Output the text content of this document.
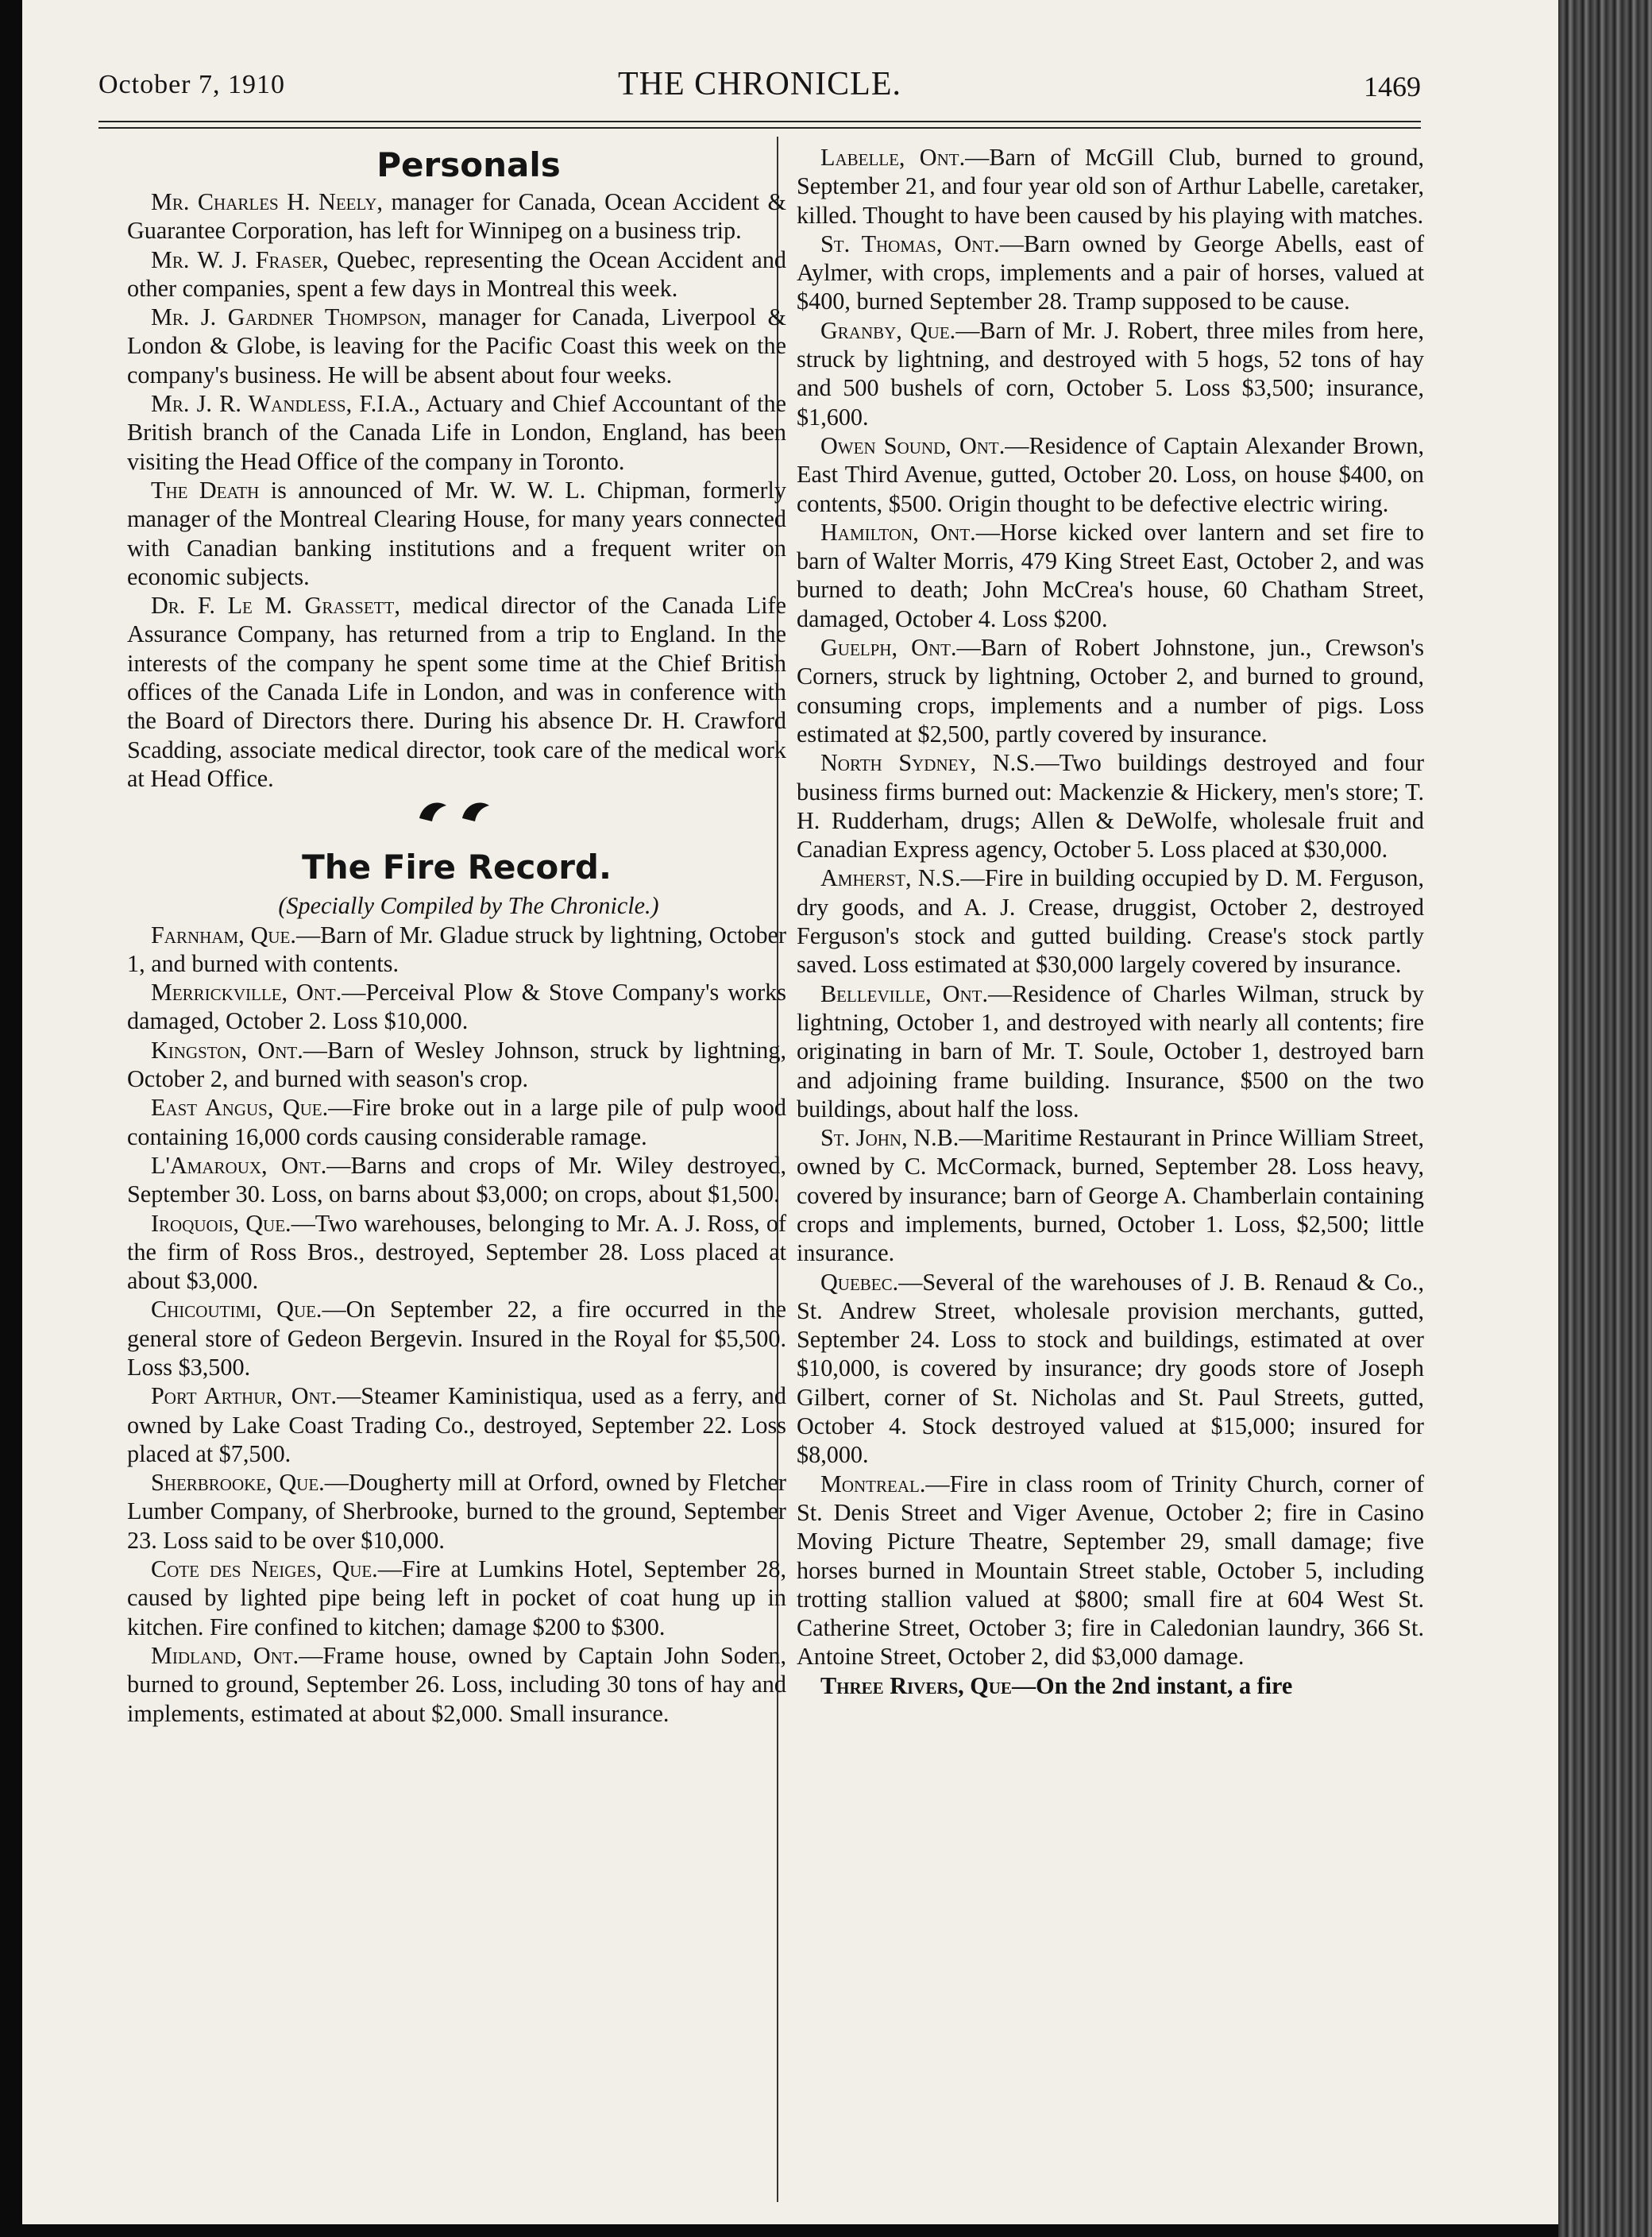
October 7, 1910	THE CHRONICLE.	1469
Personals

Mr. Charles H. Neely, manager for Canada, Ocean Accident & Guarantee Corporation, has left for Winnipeg on a business trip.

Mr. W. J. Fraser, Quebec, representing the Ocean Accident and other companies, spent a few days in Montreal this week.

Mr. J. Gardner Thompson, manager for Canada, Liverpool & London & Globe, is leaving for the Pacific Coast this week on the company's business. He will be absent about four weeks.

Mr. J. R. Wandless, F.I.A., Actuary and Chief Accountant of the British branch of the Canada Life in London, England, has been visiting the Head Office of the company in Toronto.

The Death is announced of Mr. W. W. L. Chipman, formerly manager of the Montreal Clearing House, for many years connected with Canadian banking institutions and a frequent writer on economic subjects.

Dr. F. Le M. Grassett, medical director of the Canada Life Assurance Company, has returned from a trip to England. In the interests of the company he spent some time at the Chief British offices of the Canada Life in London, and was in conference with the Board of Directors there. During his absence Dr. H. Crawford Scadding, associate medical director, took care of the medical work at Head Office.

The Fire Record.

(Specially Compiled by The Chronicle.)

Farnham, Que.—Barn of Mr. Gladue struck by lightning, October 1, and burned with contents.

Merrickville, Ont.—Perceival Plow & Stove Company's works damaged, October 2. Loss $10,000.

Kingston, Ont.—Barn of Wesley Johnson, struck by lightning, October 2, and burned with season's crop.

East Angus, Que.—Fire broke out in a large pile of pulp wood containing 16,000 cords causing considerable ramage.

L'Amaroux, Ont.—Barns and crops of Mr. Wiley destroyed, September 30. Loss, on barns about $3,000; on crops, about $1,500.

Iroquois, Que.—Two warehouses, belonging to Mr. A. J. Ross, of the firm of Ross Bros., destroyed, September 28. Loss placed at about $3,000.

Chicoutimi, Que.—On September 22, a fire occurred in the general store of Gedeon Bergevin. Insured in the Royal for $5,500. Loss $3,500.

Port Arthur, Ont.—Steamer Kaministiqua, used as a ferry, and owned by Lake Coast Trading Co., destroyed, September 22. Loss placed at $7,500.

Sherbrooke, Que.—Dougherty mill at Orford, owned by Fletcher Lumber Company, of Sherbrooke, burned to the ground, September 23. Loss said to be over $10,000.

Cote des Neiges, Que.—Fire at Lumkins Hotel, September 28, caused by lighted pipe being left in pocket of coat hung up in kitchen. Fire confined to kitchen; damage $200 to $300.

Midland, Ont.—Frame house, owned by Captain John Soden, burned to ground, September 26. Loss, including 30 tons of hay and implements, estimated at about $2,000. Small insurance.

Labelle, Ont.—Barn of McGill Club, burned to ground, September 21, and four year old son of Arthur Labelle, caretaker, killed. Thought to have been caused by his playing with matches.

St. Thomas, Ont.—Barn owned by George Abells, east of Aylmer, with crops, implements and a pair of horses, valued at $400, burned September 28. Tramp supposed to be cause.

Granby, Que.—Barn of Mr. J. Robert, three miles from here, struck by lightning, and destroyed with 5 hogs, 52 tons of hay and 500 bushels of corn, October 5. Loss $3,500; insurance, $1,600.

Owen Sound, Ont.—Residence of Captain Alexander Brown, East Third Avenue, gutted, October 20. Loss, on house $400, on contents, $500. Origin thought to be defective electric wiring.

Hamilton, Ont.—Horse kicked over lantern and set fire to barn of Walter Morris, 479 King Street East, October 2, and was burned to death; John McCrea's house, 60 Chatham Street, damaged, October 4. Loss $200.

Guelph, Ont.—Barn of Robert Johnstone, jun., Crewson's Corners, struck by lightning, October 2, and burned to ground, consuming crops, implements and a number of pigs. Loss estimated at $2,500, partly covered by insurance.

North Sydney, N.S.—Two buildings destroyed and four business firms burned out: Mackenzie & Hickery, men's store; T. H. Rudderham, drugs; Allen & DeWolfe, wholesale fruit and Canadian Express agency, October 5. Loss placed at $30,000.

Amherst, N.S.—Fire in building occupied by D. M. Ferguson, dry goods, and A. J. Crease, druggist, October 2, destroyed Ferguson's stock and gutted building. Crease's stock partly saved. Loss estimated at $30,000 largely covered by insurance.

Belleville, Ont.—Residence of Charles Wilman, struck by lightning, October 1, and destroyed with nearly all contents; fire originating in barn of Mr. T. Soule, October 1, destroyed barn and adjoining frame building. Insurance, $500 on the two buildings, about half the loss.

St. John, N.B.—Maritime Restaurant in Prince William Street, owned by C. McCormack, burned, September 28. Loss heavy, covered by insurance; barn of George A. Chamberlain containing crops and implements, burned, October 1. Loss, $2,500; little insurance.

Quebec.—Several of the warehouses of J. B. Renaud & Co., St. Andrew Street, wholesale provision merchants, gutted, September 24. Loss to stock and buildings, estimated at over $10,000, is covered by insurance; dry goods store of Joseph Gilbert, corner of St. Nicholas and St. Paul Streets, gutted, October 4. Stock destroyed valued at $15,000; insured for $8,000.

Montreal.—Fire in class room of Trinity Church, corner of St. Denis Street and Viger Avenue, October 2; fire in Casino Moving Picture Theatre, September 29, small damage; five horses burned in Mountain Street stable, October 5, including trotting stallion valued at $800; small fire at 604 West St. Catherine Street, October 3; fire in Caledonian laundry, 366 St. Antoine Street, October 2, did $3,000 damage.

Three Rivers, Que—On the 2nd instant, a fire
